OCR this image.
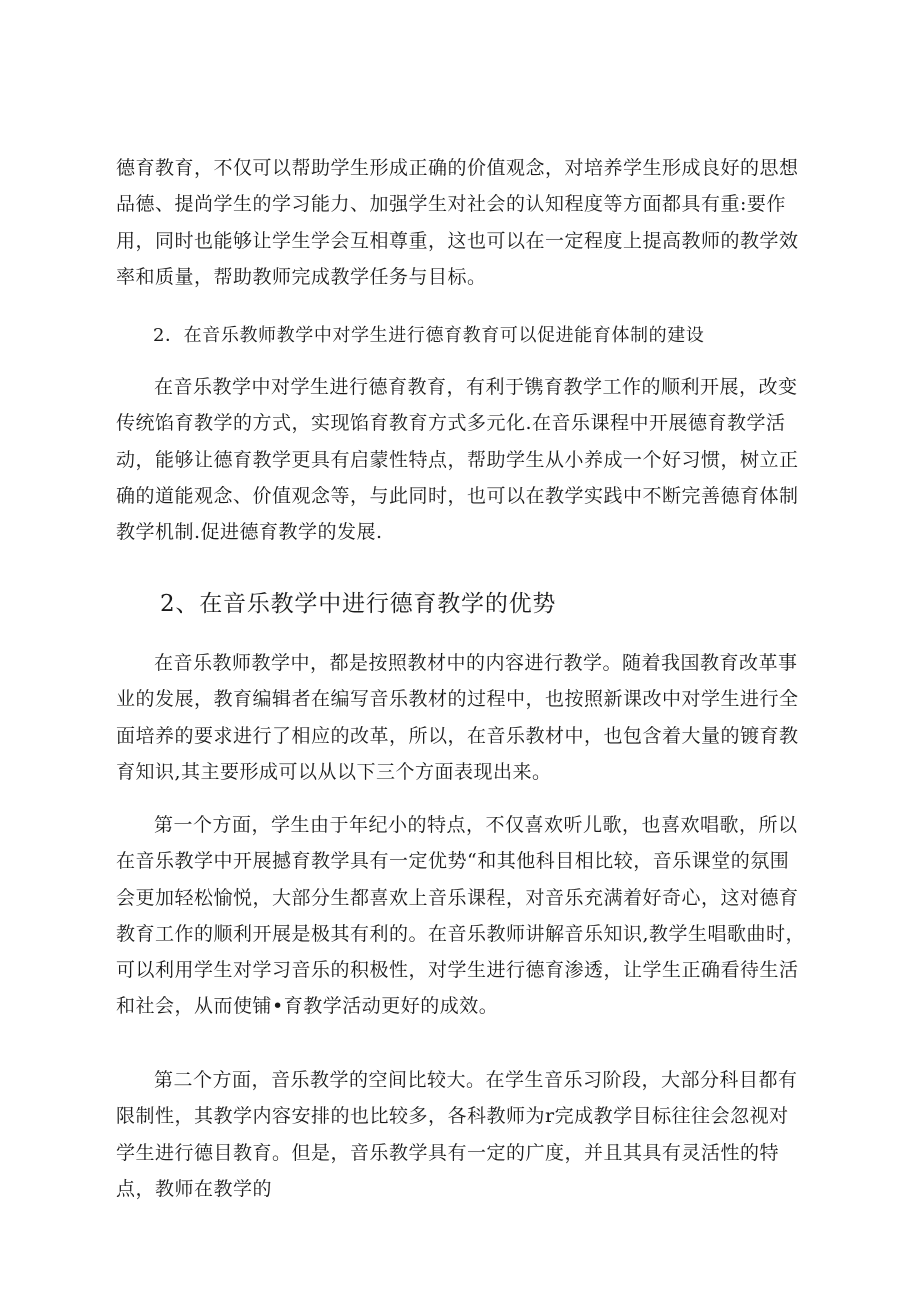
德育教育，不仅可以帮助学生形成正确的价值观念，对培养学生形成良好的思想品德、提尚学生的学习能力、加强学生对社会的认知程度等方面都具有重:要作用，同时也能够让学生学会互相尊重，这也可以在一定程度上提高教师的教学效率和质量，帮助教师完成教学任务与目标。

2．在音乐教师教学中对学生进行德育教育可以促进能育体制的建设

在音乐教学中对学生进行德育教育，有利于镌育教学工作的顺利开展，改变传统馅育教学的方式，实现馅育教育方式多元化.在音乐课程中开展德育教学活动，能够让德育教学更具有启蒙性特点，帮助学生从小养成一个好习惯，树立正确的道能观念、价值观念等，与此同时，也可以在教学实践中不断完善德育体制教学机制.促进德育教学的发展.

2、在音乐教学中进行德育教学的优势

在音乐教师教学中，都是按照教材中的内容进行教学。随着我国教育改革事业的发展，教育编辑者在编写音乐教材的过程中，也按照新课改中对学生进行全面培养的要求进行了相应的改革，所以，在音乐教材中，也包含着大量的镀育教育知识,其主要形成可以从以下三个方面表现出来。

第一个方面，学生由于年纪小的特点，不仅喜欢听儿歌，也喜欢唱歌，所以在音乐教学中开展撼育教学具有一定优势“和其他科目相比较，音乐课堂的氛围会更加轻松愉悦，大部分生都喜欢上音乐课程，对音乐充满着好奇心，这对德育教育工作的顺利开展是极其有利的。在音乐教师讲解音乐知识,教学生唱歌曲时，可以利用学生对学习音乐的积极性，对学生进行德育渗透，让学生正确看待生活和社会，从而使铺•育教学活动更好的成效。

第二个方面，音乐教学的空间比较大。在学生音乐习阶段，大部分科目都有限制性，其教学内容安排的也比较多，各科教师为r完成教学目标往往会忽视对学生进行德目教育。但是，音乐教学具有一定的广度，并且其具有灵活性的特点，教师在教学的
